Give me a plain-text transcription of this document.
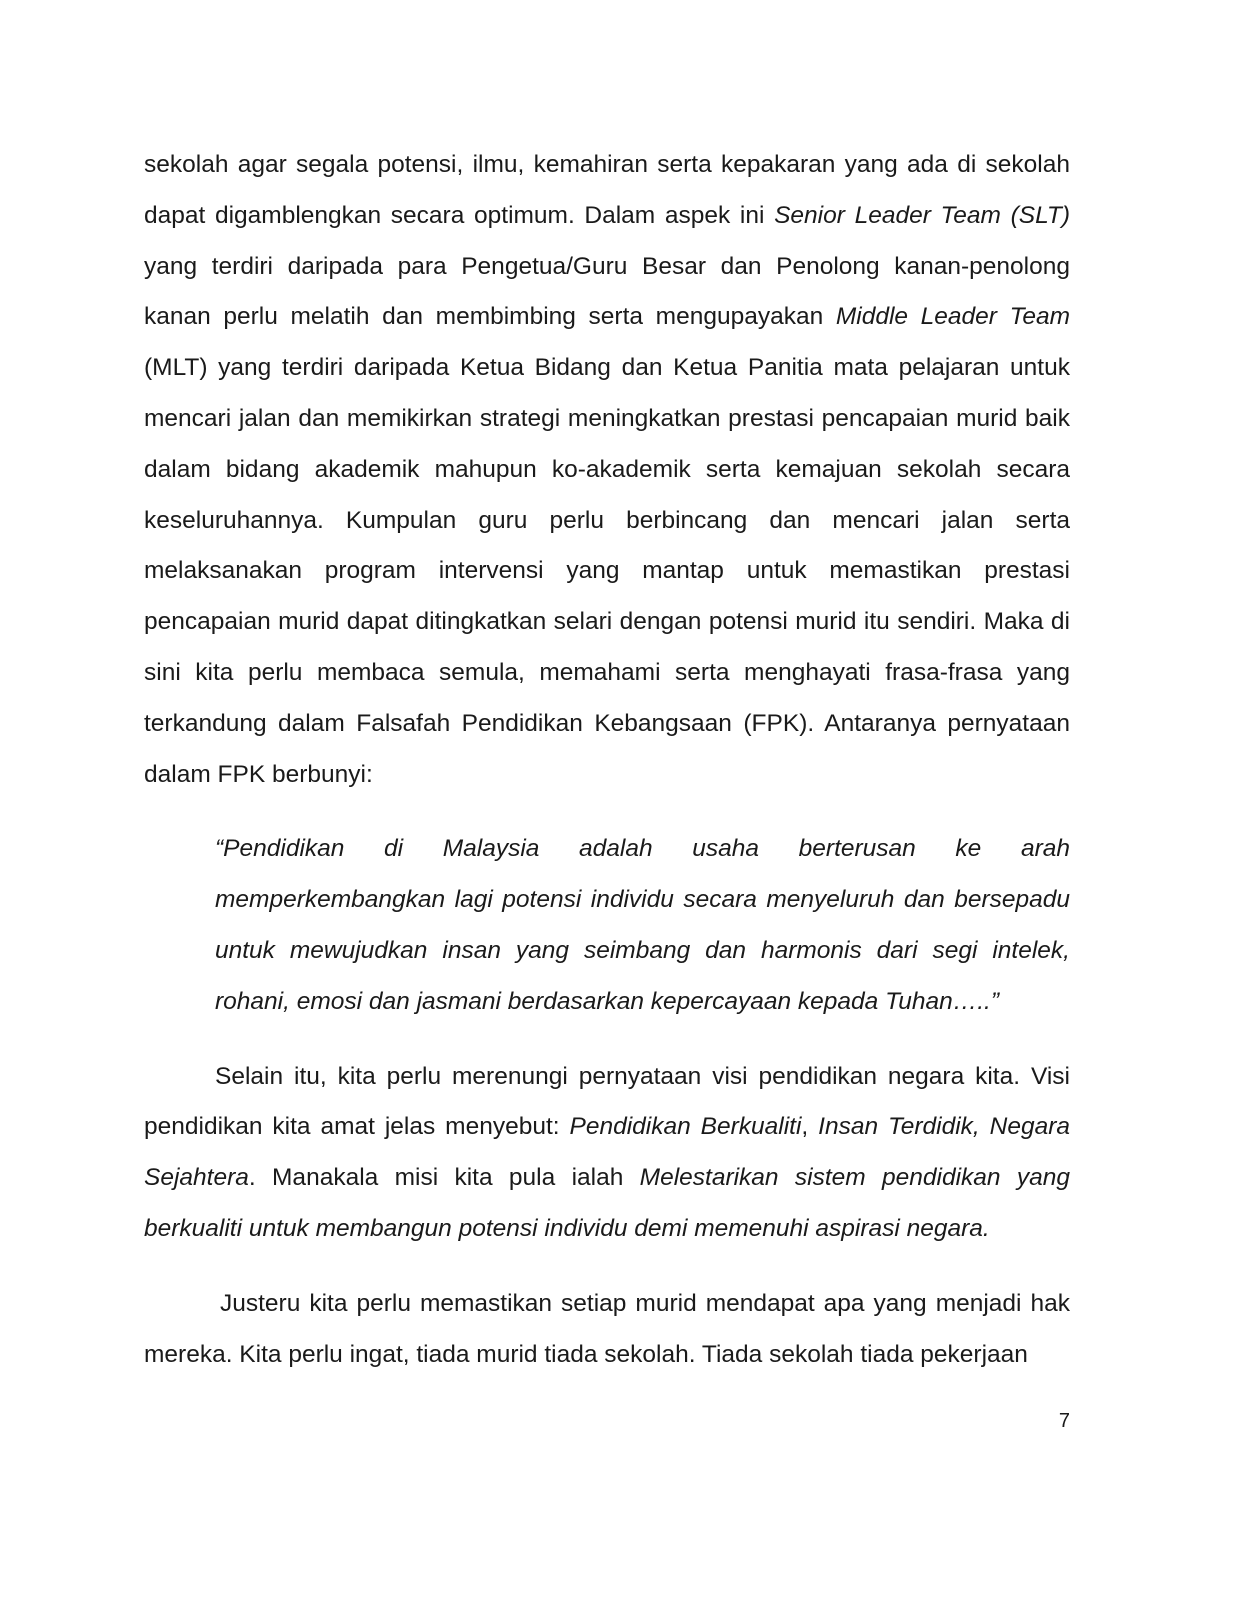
sekolah agar segala potensi, ilmu, kemahiran serta kepakaran yang ada di sekolah dapat digamblengkan secara optimum. Dalam aspek ini Senior Leader Team (SLT) yang terdiri daripada para Pengetua/Guru Besar dan Penolong kanan-penolong kanan perlu melatih dan membimbing serta mengupayakan Middle Leader Team (MLT) yang terdiri daripada Ketua Bidang dan Ketua Panitia mata pelajaran untuk mencari jalan dan memikirkan strategi meningkatkan prestasi pencapaian murid baik dalam bidang akademik mahupun ko-akademik serta kemajuan sekolah secara keseluruhannya. Kumpulan guru perlu berbincang dan mencari jalan serta melaksanakan program intervensi yang mantap untuk memastikan prestasi pencapaian murid dapat ditingkatkan selari dengan potensi murid itu sendiri. Maka di sini kita perlu membaca semula, memahami serta menghayati frasa-frasa yang terkandung dalam Falsafah Pendidikan Kebangsaan (FPK). Antaranya pernyataan dalam FPK berbunyi:

“Pendidikan di Malaysia adalah usaha berterusan ke arah memperkembangkan lagi potensi individu secara menyeluruh dan bersepadu untuk mewujudkan insan yang seimbang dan harmonis dari segi intelek, rohani, emosi dan jasmani berdasarkan kepercayaan kepada Tuhan…..”

Selain itu, kita perlu merenungi pernyataan visi pendidikan negara kita. Visi pendidikan kita amat jelas menyebut: Pendidikan Berkualiti, Insan Terdidik, Negara Sejahtera. Manakala misi kita pula ialah Melestarikan sistem pendidikan yang berkualiti untuk membangun potensi individu demi memenuhi aspirasi negara.

Justeru kita perlu memastikan setiap murid mendapat apa yang menjadi hak mereka. Kita perlu ingat, tiada murid tiada sekolah. Tiada sekolah tiada pekerjaan

7
